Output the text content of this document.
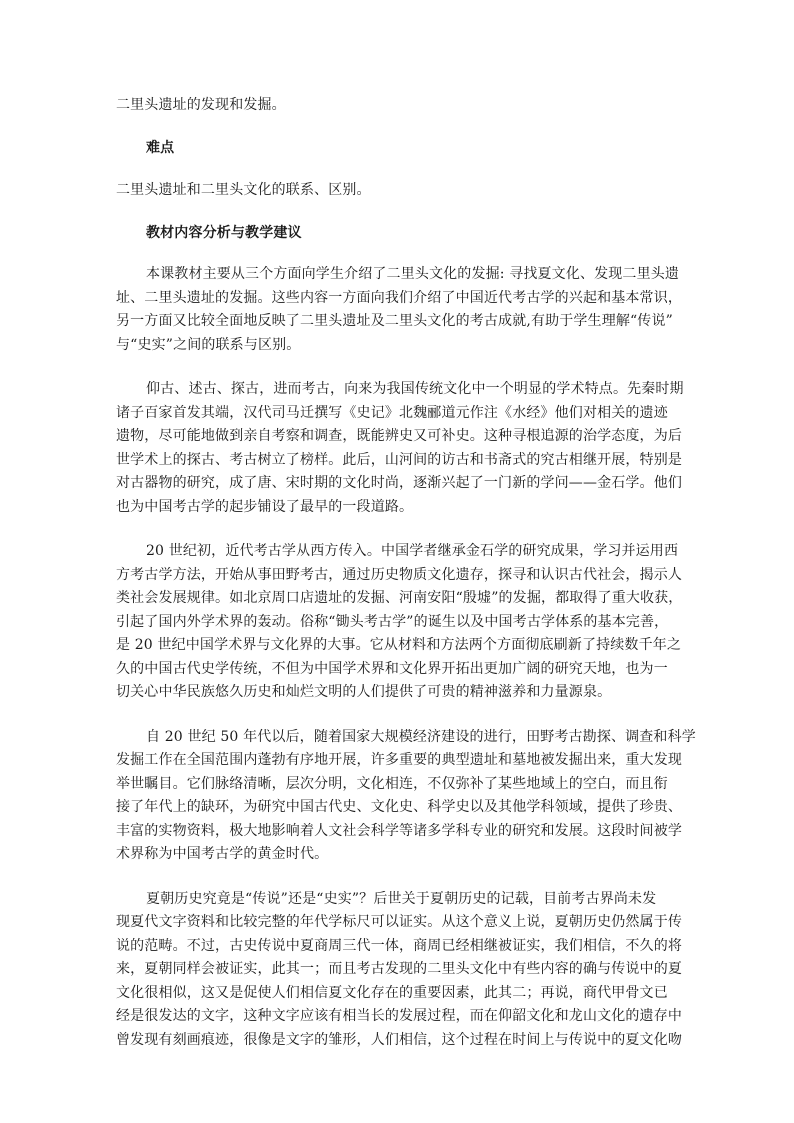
二里头遗址的发现和发掘。
难点
二里头遗址和二里头文化的联系、区别。
教材内容分析与教学建议
本课教材主要从三个方面向学生介绍了二里头文化的发掘: 寻找夏文化、发现二里头遗
址、二里头遗址的发掘。这些内容一方面向我们介绍了中国近代考古学的兴起和基本常识，
另一方面又比较全面地反映了二里头遗址及二里头文化的考古成就,有助于学生理解“传说”
与“史实”之间的联系与区别。
仰古、述古、探古，进而考古，向来为我国传统文化中一个明显的学术特点。先秦时期
诸子百家首发其端，汉代司马迁撰写《史记》北魏郦道元作注《水经》他们对相关的遗迹
遗物，尽可能地做到亲自考察和调查，既能辨史又可补史。这种寻根追源的治学态度，为后
世学术上的探古、考古树立了榜样。此后，山河间的访古和书斋式的究古相继开展，特别是
对古器物的研究，成了唐、宋时期的文化时尚，逐渐兴起了一门新的学问——金石学。他们
也为中国考古学的起步铺设了最早的一段道路。
20 世纪初，近代考古学从西方传入。中国学者继承金石学的研究成果，学习并运用西
方考古学方法，开始从事田野考古，通过历史物质文化遗存，探寻和认识古代社会，揭示人
类社会发展规律。如北京周口店遗址的发掘、河南安阳“殷墟”的发掘，都取得了重大收获，
引起了国内外学术界的轰动。俗称“锄头考古学”的诞生以及中国考古学体系的基本完善，
是 20 世纪中国学术界与文化界的大事。它从材料和方法两个方面彻底刷新了持续数千年之
久的中国古代史学传统，不但为中国学术界和文化界开拓出更加广阔的研究天地，也为一
切关心中华民族悠久历史和灿烂文明的人们提供了可贵的精神滋养和力量源泉。
自 20 世纪 50 年代以后，随着国家大规模经济建设的进行，田野考古勘探、调查和科学
发掘工作在全国范围内蓬勃有序地开展，许多重要的典型遗址和墓地被发掘出来，重大发现
举世瞩目。它们脉络清晰，层次分明，文化相连，不仅弥补了某些地域上的空白，而且衔
接了年代上的缺环，为研究中国古代史、文化史、科学史以及其他学科领域，提供了珍贵、
丰富的实物资料，极大地影响着人文社会科学等诸多学科专业的研究和发展。这段时间被学
术界称为中国考古学的黄金时代。
夏朝历史究竟是“传说”还是“史实”？后世关于夏朝历史的记载，目前考古界尚未发
现夏代文字资料和比较完整的年代学标尺可以证实。从这个意义上说，夏朝历史仍然属于传
说的范畴。不过，古史传说中夏商周三代一体，商周已经相继被证实，我们相信，不久的将
来，夏朝同样会被证实，此其一；而且考古发现的二里头文化中有些内容的确与传说中的夏
文化很相似，这又是促使人们相信夏文化存在的重要因素，此其二；再说，商代甲骨文已
经是很发达的文字，这种文字应该有相当长的发展过程，而在仰韶文化和龙山文化的遗存中
曾发现有刻画痕迹，很像是文字的雏形，人们相信，这个过程在时间上与传说中的夏文化吻
